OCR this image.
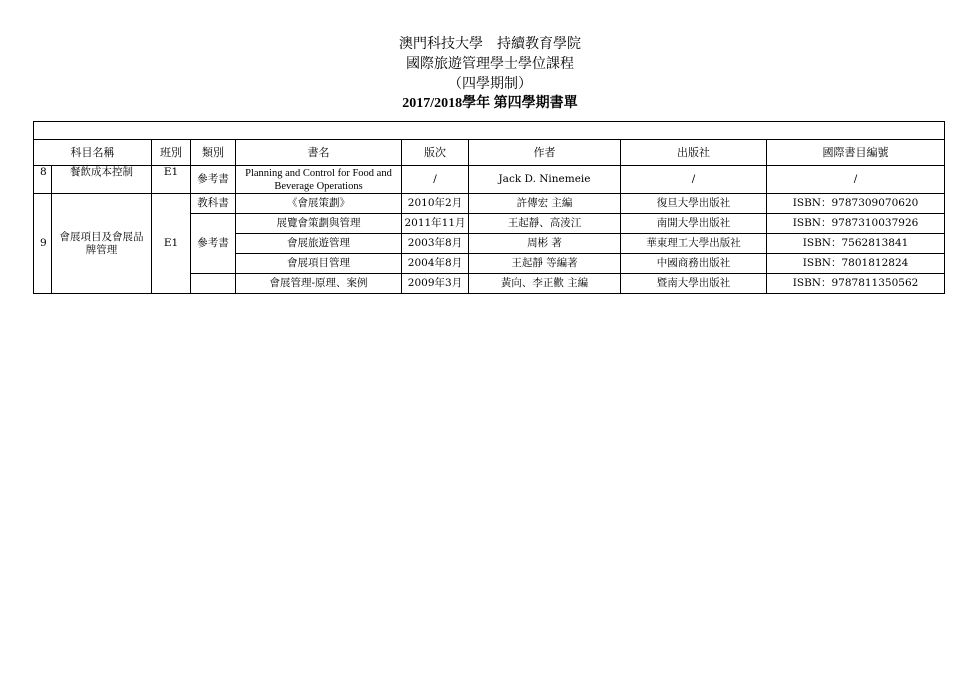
澳門科技大學　持續教育學院
國際旅遊管理學士學位課程
（四學期制）
2017/2018學年 第四學期書單

科目名稱		班別	類別	書名	版次	作者	出版社	國際書目編號
8	餐飲成本控制	E1	參考書	Planning and Control for Food and
Beverage Operations	/	Jack D. Ninemeie	/	/
9	會展項目及會展品
牌管理	E1	教科書	《會展策劃》	2010年2月	許傳宏 主編	復旦大學出版社	ISBN：9787309070620
			參考書	展覽會策劃與管理	2011年11月	王起靜、高淩江	南開大學出版社	ISBN：9787310037926
				會展旅遊管理	2003年8月	周彬 著	華東理工大學出版社	ISBN：7562813841
				會展項目管理	2004年8月	王起靜 等編著	中國商務出版社	ISBN：7801812824
				會展管理-原理、案例	2009年3月	黃向、李正歡 主編	暨南大學出版社	ISBN：9787811350562
